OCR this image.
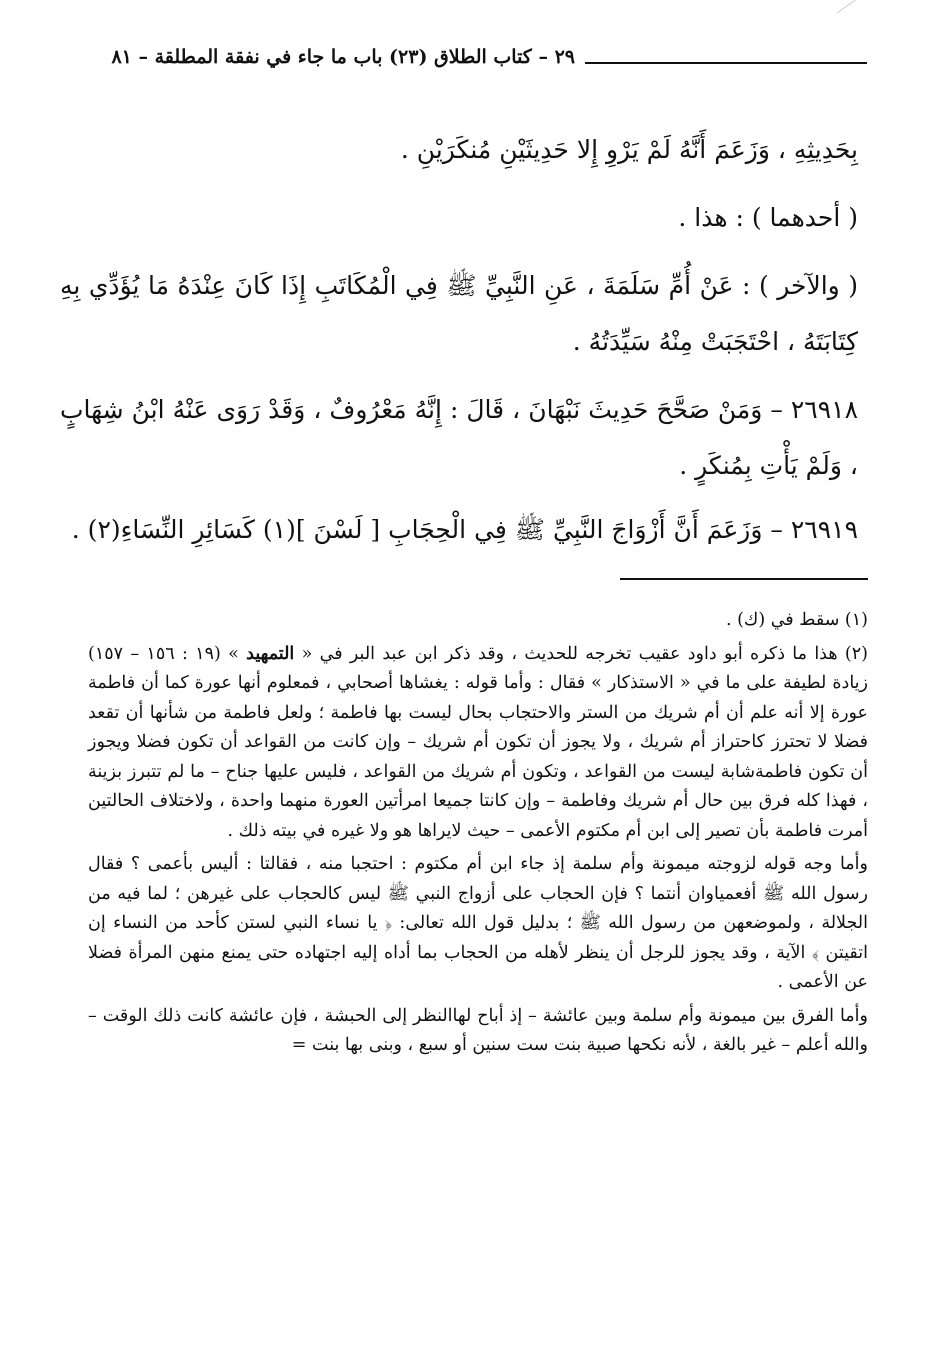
٢٩ – كتاب الطلاق (٢٣) باب ما جاء في نفقة المطلقة – ٨١

بِحَدِيثِهِ ، وَزَعَمَ أَنَّهُ لَمْ يَرْوِ إِلا حَدِيثَيْنِ مُنكَرَيْنِ .

( أحدهما ) : هذا .

( والآخر ) : عَنْ أُمِّ سَلَمَةَ ، عَنِ النَّبِيِّ ﷺ فِي الْمُكَاتَبِ إِذَا كَانَ عِنْدَهُ مَا يُؤَدِّي بِهِ كِتَابَتَهُ ، احْتَجَبَتْ مِنْهُ سَيِّدَتُهُ .

٢٦٩١٨ – وَمَنْ صَحَّحَ حَدِيثَ نَبْهَانَ ، قَالَ : إِنَّهُ مَعْرُوفٌ ، وَقَدْ رَوَى عَنْهُ ابْنُ شِهَابٍ ، وَلَمْ يَأْتِ بِمُنكَرٍ .

٢٦٩١٩ – وَزَعَمَ أَنَّ أَزْوَاجَ النَّبِيِّ ﷺ فِي الْحِجَابِ [ لَسْنَ ](١) كَسَائِرِ النِّسَاءِ(٢) .

(١) سقط في (ك) .

(٢) هذا ما ذكره أبو داود عقيب تخرجه للحديث ، وقد ذكر ابن عبد البر في « التمهيد » (١٩ : ١٥٦ – ١٥٧) زيادة لطيفة على ما في « الاستذكار » فقال : وأما قوله : يغشاها أصحابي ، فمعلوم أنها عورة كما أن فاطمة عورة إلا أنه علم أن أم شريك من الستر والاحتجاب بحال ليست بها فاطمة ؛ ولعل فاطمة من شأنها أن تقعد فضلا لا تحترز كاحتراز أم شريك ، ولا يجوز أن تكون أم شريك – وإن كانت من القواعد أن تكون فضلا ويجوز أن تكون فاطمةشابة ليست من القواعد ، وتكون أم شريك من القواعد ، فليس عليها جناح – ما لم تتبرز بزينة ، فهذا كله فرق بين حال أم شريك وفاطمة – وإن كانتا جميعا امرأتين العورة منهما واحدة ، ولاختلاف الحالتين أمرت فاطمة بأن تصير إلى ابن أم مكتوم الأعمى – حيث لايراها هو ولا غيره في بيته ذلك .

وأما وجه قوله لزوجته ميمونة وأم سلمة إذ جاء ابن أم مكتوم : احتجبا منه ، فقالتا : أليس بأعمى ؟ فقال رسول الله ﷺ أفعمياوان أنتما ؟ فإن الحجاب على أزواج النبي ﷺ ليس كالحجاب على غيرهن ؛ لما فيه من الجلالة ، ولموضعهن من رسول الله ﷺ ؛ بدليل قول الله تعالى: ﴿ يا نساء النبي لستن كأحد من النساء إن اتقيتن ﴾ الآية ، وقد يجوز للرجل أن ينظر لأهله من الحجاب بما أداه إليه اجتهاده حتى يمنع منهن المرأة فضلا عن الأعمى .

وأما الفرق بين ميمونة وأم سلمة وبين عائشة – إذ أباح لهاالنظر إلى الحبشة ، فإن عائشة كانت ذلك الوقت – والله أعلم – غير بالغة ، لأنه نكحها صبية بنت ست سنين أو سبع ، وبنى بها بنت =
